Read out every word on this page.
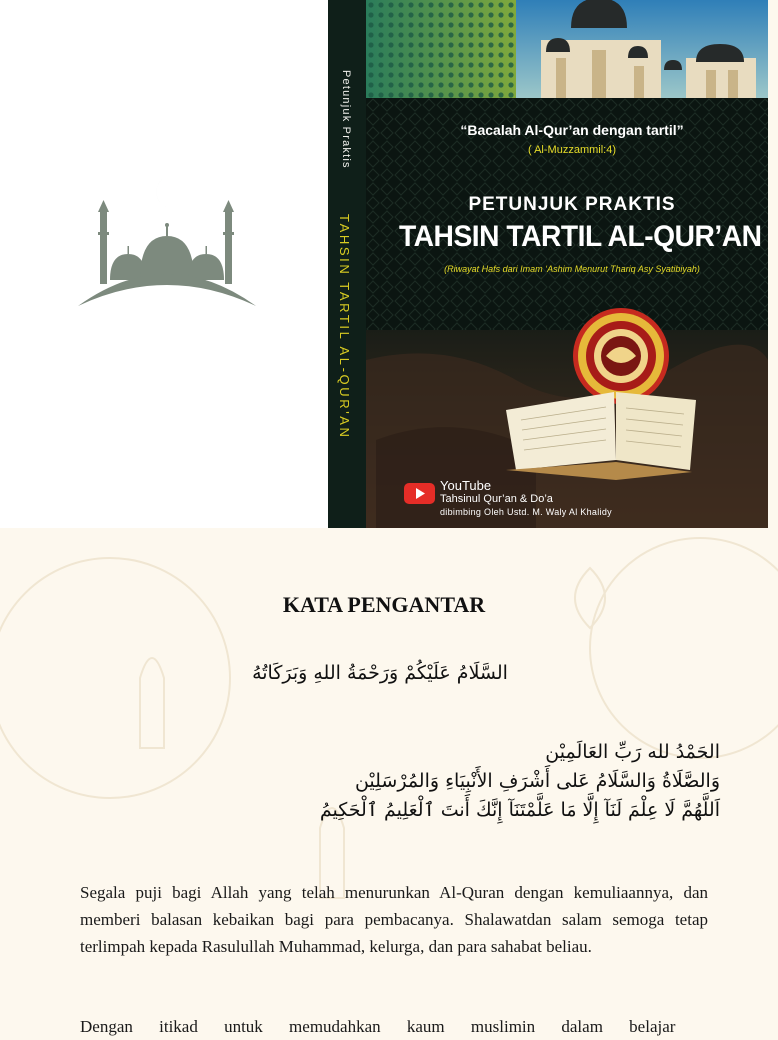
Petunjuk Praktis
TAHSIN TARTIL AL-QUR'AN
“Bacalah Al-Qur’an dengan tartil”
( Al-Muzzammil:4)
PETUNJUK PRAKTIS
TAHSIN TARTIL AL-QUR’AN
(Riwayat Hafs dari Imam ‘Ashim Menurut Thariq Asy Syatibiyah)
YouTube
Tahsinul Qur’an & Do’a
dibimbing Oleh Ustd. M. Waly Al Khalidy
KATA PENGANTAR
السَّلَامُ عَلَيْكُمْ وَرَحْمَةُ اللهِ وَبَرَكَاتُهُ
الحَمْدُ لله رَبِّ العَالَمِيْن
وَالصَّلَاةُ وَالسَّلَامُ عَلى أَشْرَفِ الأَنْبِيَاءِ وَالمُرْسَلِيْن
اَللَّهُمَّ لَا عِلْمَ لَنَآ إِلَّا مَا عَلَّمْتَنَآ إِنَّكَ أَنتَ ٱلْعَلِيمُ ٱلْحَكِيمُ

Segala puji bagi Allah yang telah menurunkan Al-Quran dengan kemuliaannya, dan memberi balasan kebaikan bagi para pembacanya. Shalawatdan salam semoga tetap terlimpah kepada Rasulullah Muhammad, kelurga, dan para sahabat beliau.

Dengan itikad untuk memudahkan kaum muslimin dalam belajar
